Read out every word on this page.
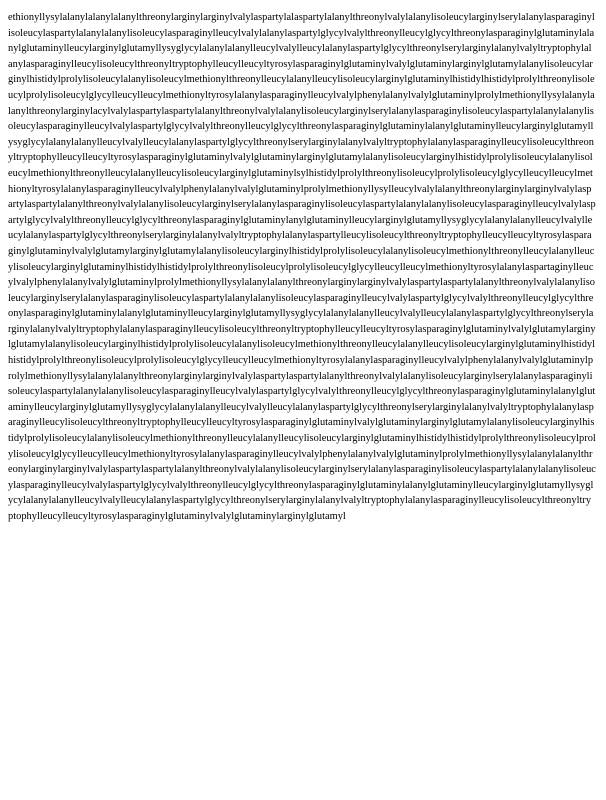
ethionyllysylalanylalanylalanylthreonylarginylarginylvalylaspartylalaspartylalanylthreonylvalylalanylisoleucylarginylserylalanylasparaginylisoleucylaspartylalanylalanylisoleucylasparaginylleucylvalylalanylaspartylglycylvalylthreonylleucylglycylthreonylasparaginylglutaminylalanylglutaminylleucylarginylglutamyllysyglycylalanylalanylleucylvalylleucylalanylaspartylglycylthreonylserylarginylalanylvalyltryptophylalanylasparaginylleucylisoleucylthreonyltryptophylleucylleucyltyrosylasparaginylglutaminylvalylglutaminylarginylglutamylalanylisoleucylarginylhistidylprolylisoleucylalanylisoleucylmethionylthreonylleucylalanylleucylisoleucylarginylglutaminylhistidylhistidylprolylthreonylisoleucylprolylisoleucylglycylleucylleucylmethionyltyrosylalanylasparaginylleucylvalylphenylalanylvalylglutaminylprolylmethionyllysylalanylalanylthreonylarginylacylvalylaspartylaspartylalanylthreonylvalylalanylisoleucylarginylserylalanylasparaginylisoleucylaspartylalanylalanylisoleucylasparaginylleucylvalylaspartylglycylvalylthreonylleucylglycylthreonylasparaginylglutaminylalanylglutaminylleucylarginylglutamyllysyglycylalanylalanylleucylvalylleucylalanylaspartylglycylthreonylserylarginylalanylvalyltryptophylalanylasparaginylleucylisoleucylthreonyltryptophylleucylleucyltyrosylasparaginylglutaminylvalylglutaminylarginylglutamylalanylisoleucylarginylhistidylprolylisoleucylalanylisoleucylmethionylthreonylleucylalanylleucylisoleucylarginylglutaminylsylhistidylprolylthreonylisoleucylprolylisoleucylglycylleucylleucylmethionyltyrosylalanylasparaginylleucylvalylphenylalanylvalylglutaminylprolylmethionyllysylleucylvalylalanylthreonylarginylarginylvalylaspartylaspartylalanylthreonylvalylalanylisoleucylarginylserylalanylasparaginylisoleucylaspartylalanylalanylisoleucylasparaginylleucylvalylaspartylglycylvalylthreonylleucylglycylthreonylasparaginylglutaminylanylglutaminylleucylarginylglutamyllysyglycylalanylalanylleucylvalylleucylalanylaspartylglycylthreonylserylarginylalanylvalyltryptophylalanylaspartylleucylisoleucylthreonyltryptophylleucylleucyltyrosylasparaginylglutaminylvalylglutamylarginylglutamylalanylisoleucylarginylhistidylprolylisoleucylalanylisoleucylmethionylthreonylleucylalanylleucylisoleucylarginylglutaminylhistidylhistidylprolylthreonylisoleucylprolylisoleucylglycylleucylleucylmethionyltyrosylalanylaspartaginylleucylvalylphenylalanylvalylglutaminylprolylmethionyllysylalanylalanylthreonylarginylarginylvalylaspartylaspartylalanylthreonylvalylalanylisoleucylarginylserylalanylasparaginylisoleucylaspartylalanylalanylisoleucylasparaginylleucylvalylaspartylglycylvalylthreonylleucylglycylthreonylasparaginylglutaminylalanylglutaminylleucylarginylglutamyllysyglycylalanylalanylleucylvalylleucylalanylaspartylglycylthreonylserylarginylalanylvalyltryptophylalanylasparaginylleucylisoleucylthreonyltryptophylleucylleucyltyrosylasparaginylglutaminylvalylglutamylarginylglutamylalanylisoleucylarginylhistidylprolylisoleucylalanylisoleucylmethionylthreonylleucylalanylleucylisoleucylarginylglutaminylhistidylhistidylprolylthreonylisoleucylprolylisoleucylglycylleucylleucylmethionyltyrosylalanylasparaginylleucylvalylphenylalanylvalylglutaminylprolylmethionyllysylalanylalanylthreonylarginylarginylvalylaspartylaspartylalanylthreonylvalylalanylisoleucylarginylserylalanylasparaginylisoleucylaspartylalanylalanylisoleucylasparaginylleucylvalylaspartylglycylvalylthreonylleucylglycylthreonylasparaginylglutaminylalanylglutaminylleucylarginylglutamyllysyglycylalanylalanylleucylvalylleucylalanylaspartylglycylthreonylserylarginylalanylvalyltryptophylalanylasparaginylleucylisoleucylthreonyltryptophylleucylleucyltyrosylasparaginylglutaminylvalylglutaminylarginylglutamylalanylisoleucylarginylhistidylprolylisoleucylalanylisoleucylmethionylthreonylleucylalanylleucylisoleucylarginylglutaminylhistidylhistidylprolylthreonylisoleucylprolylisoleucylglycylleucylleucylmethionyltyrosylalanylasparaginylleucylvalylphenylalanylvalylglutaminylprolylmethionyllysylalanylalanylthreonylarginylarginylvalylaspartylaspartylalanylthreonylvalylalanylisoleucylarginylserylalanylasparaginylisoleucylaspartylalanylalanylisoleucylasparaginylleucylvalylaspartylglycylvalylthreonylleucylglycylthreonylasparaginylglutaminylalanylglutaminylleucylarginylglutamyllysyglycylalanylalanylleucylvalylleucylalanylaspartylglycylthreonylserylarginylalanylvalyltryptophylalanylasparaginylleucylisoleucylthreonyltryptophylleucylleucyltyrosylasparaginylglutaminylvalylglutaminylarginylglutamyl
